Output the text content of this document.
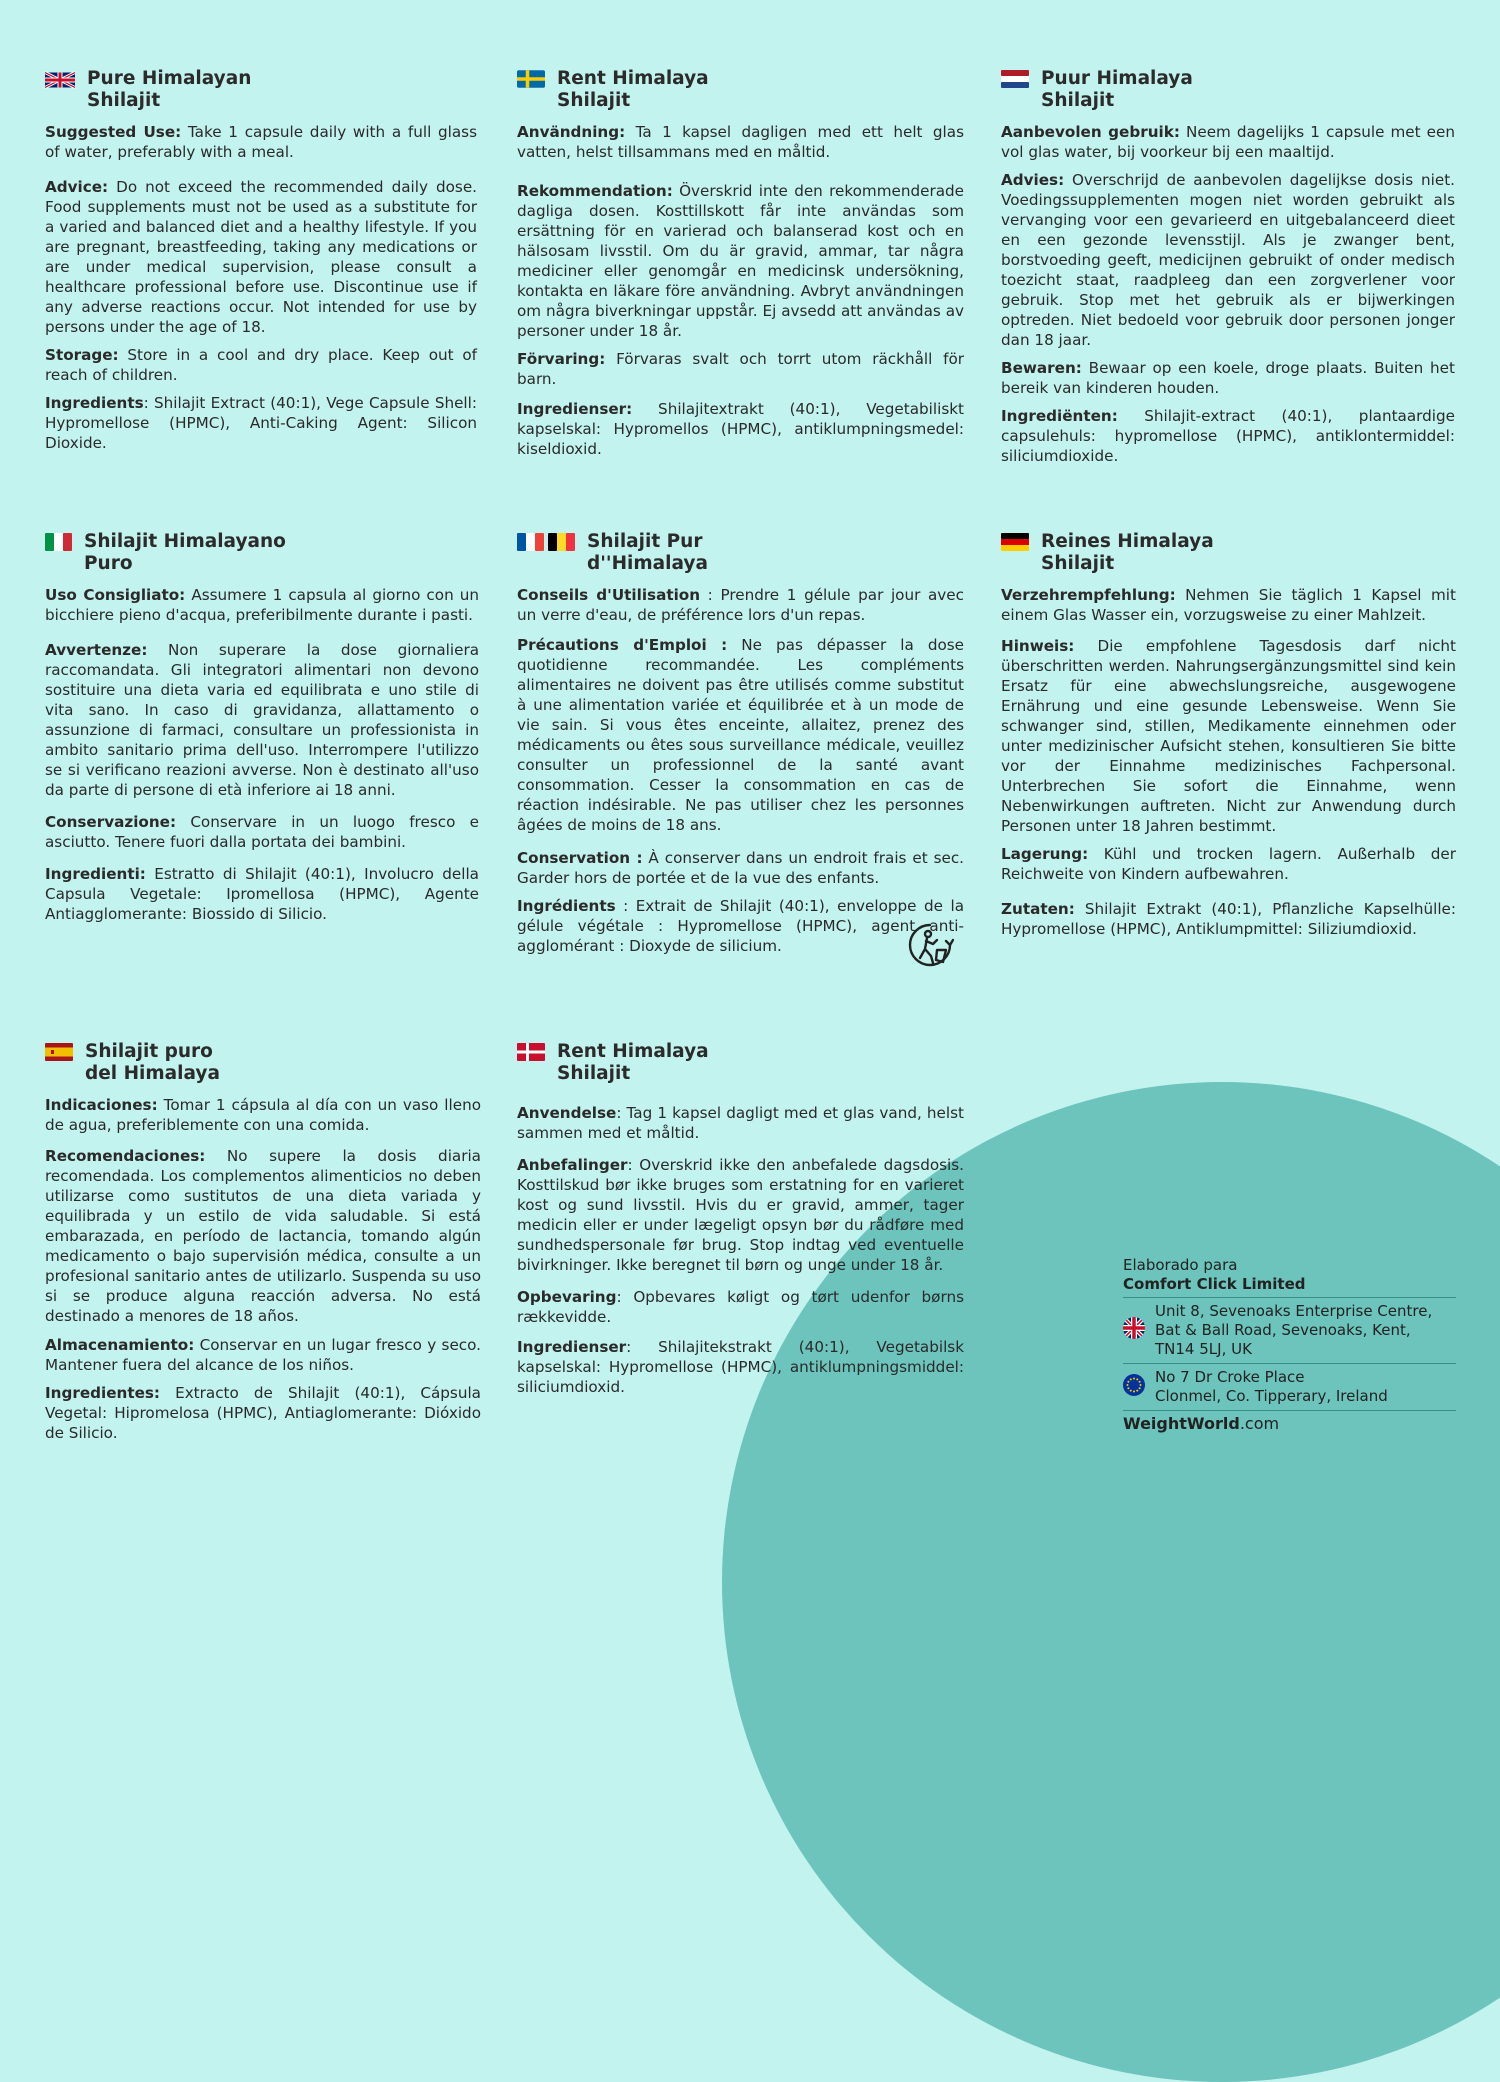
Pure Himalayan
Shilajit

Suggested Use: Take 1 capsule daily with a full glass of water, preferably with a meal.

Advice: Do not exceed the recommended daily dose. Food supplements must not be used as a substitute for a varied and balanced diet and a healthy lifestyle. If you are pregnant, breastfeeding, taking any medications or are under medical supervision, please consult a healthcare professional before use. Discontinue use if any adverse reactions occur. Not intended for use by persons under the age of 18.

Storage: Store in a cool and dry place. Keep out of reach of children.

Ingredients: Shilajit Extract (40:1), Vege Capsule Shell: Hypromellose (HPMC), Anti-Caking Agent: Silicon Dioxide.

Rent Himalaya
Shilajit

Användning: Ta 1 kapsel dagligen med ett helt glas vatten, helst tillsammans med en måltid.

Rekommendation: Överskrid inte den rekommenderade dagliga dosen. Kosttillskott får inte användas som ersättning för en varierad och balanserad kost och en hälsosam livsstil. Om du är gravid, ammar, tar några mediciner eller genomgår en medicinsk undersökning, kontakta en läkare före användning. Avbryt användningen om några biverkningar uppstår. Ej avsedd att användas av personer under 18 år.

Förvaring: Förvaras svalt och torrt utom räckhåll för barn.

Ingredienser: Shilajitextrakt (40:1), Vegetabiliskt kapselskal: Hypromellos (HPMC), antiklumpningsmedel: kiseldioxid.

Puur Himalaya
Shilajit

Aanbevolen gebruik: Neem dagelijks 1 capsule met een vol glas water, bij voorkeur bij een maaltijd.

Advies: Overschrijd de aanbevolen dagelijkse dosis niet. Voedingssupplementen mogen niet worden gebruikt als vervanging voor een gevarieerd en uitgebalanceerd dieet en een gezonde levensstijl. Als je zwanger bent, borstvoeding geeft, medicijnen gebruikt of onder medisch toezicht staat, raadpleeg dan een zorgverlener voor gebruik. Stop met het gebruik als er bijwerkingen optreden. Niet bedoeld voor gebruik door personen jonger dan 18 jaar.

Bewaren: Bewaar op een koele, droge plaats. Buiten het bereik van kinderen houden.

Ingrediënten: Shilajit-extract (40:1), plantaardige capsulehuls: hypromellose (HPMC), antiklontermiddel: siliciumdioxide.

Shilajit Himalayano
Puro

Uso Consigliato: Assumere 1 capsula al giorno con un bicchiere pieno d'acqua, preferibilmente durante i pasti.

Avvertenze: Non superare la dose giornaliera raccomandata. Gli integratori alimentari non devono sostituire una dieta varia ed equilibrata e uno stile di vita sano. In caso di gravidanza, allattamento o assunzione di farmaci, consultare un professionista in ambito sanitario prima dell'uso. Interrompere l'utilizzo se si verificano reazioni avverse. Non è destinato all'uso da parte di persone di età inferiore ai 18 anni.

Conservazione: Conservare in un luogo fresco e asciutto. Tenere fuori dalla portata dei bambini.

Ingredienti: Estratto di Shilajit (40:1), Involucro della Capsula Vegetale: Ipromellosa (HPMC), Agente Antiagglomerante: Biossido di Silicio.

Shilajit Pur
d''Himalaya

Conseils d'Utilisation : Prendre 1 gélule par jour avec un verre d'eau, de préférence lors d'un repas.

Précautions d'Emploi : Ne pas dépasser la dose quotidienne recommandée. Les compléments alimentaires ne doivent pas être utilisés comme substitut à une alimentation variée et équilibrée et à un mode de vie sain. Si vous êtes enceinte, allaitez, prenez des médicaments ou êtes sous surveillance médicale, veuillez consulter un professionnel de la santé avant consommation. Cesser la consommation en cas de réaction indésirable. Ne pas utiliser chez les personnes âgées de moins de 18 ans.

Conservation : À conserver dans un endroit frais et sec. Garder hors de portée et de la vue des enfants.

Ingrédients : Extrait de Shilajit (40:1), enveloppe de la gélule végétale : Hypromellose (HPMC), agent anti-agglomérant : Dioxyde de silicium.

Reines Himalaya
Shilajit

Verzehrempfehlung: Nehmen Sie täglich 1 Kapsel mit einem Glas Wasser ein, vorzugsweise zu einer Mahlzeit.

Hinweis: Die empfohlene Tagesdosis darf nicht überschritten werden. Nahrungsergänzungsmittel sind kein Ersatz für eine abwechslungsreiche, ausgewogene Ernährung und eine gesunde Lebensweise. Wenn Sie schwanger sind, stillen, Medikamente einnehmen oder unter medizinischer Aufsicht stehen, konsultieren Sie bitte vor der Einnahme medizinisches Fachpersonal. Unterbrechen Sie sofort die Einnahme, wenn Nebenwirkungen auftreten. Nicht zur Anwendung durch Personen unter 18 Jahren bestimmt.

Lagerung: Kühl und trocken lagern. Außerhalb der Reichweite von Kindern aufbewahren.

Zutaten: Shilajit Extrakt (40:1), Pflanzliche Kapselhülle: Hypromellose (HPMC), Antiklumpmittel: Siliziumdioxid.

Shilajit puro
del Himalaya

Indicaciones: Tomar 1 cápsula al día con un vaso lleno de agua, preferiblemente con una comida.

Recomendaciones: No supere la dosis diaria recomendada. Los complementos alimenticios no deben utilizarse como sustitutos de una dieta variada y equilibrada y un estilo de vida saludable. Si está embarazada, en período de lactancia, tomando algún medicamento o bajo supervisión médica, consulte a un profesional sanitario antes de utilizarlo. Suspenda su uso si se produce alguna reacción adversa. No está destinado a menores de 18 años.

Almacenamiento: Conservar en un lugar fresco y seco. Mantener fuera del alcance de los niños.

Ingredientes: Extracto de Shilajit (40:1), Cápsula Vegetal: Hipromelosa (HPMC), Antiaglomerante: Dióxido de Silicio.

Rent Himalaya
Shilajit

Anvendelse: Tag 1 kapsel dagligt med et glas vand, helst sammen med et måltid.

Anbefalinger: Overskrid ikke den anbefalede dagsdosis. Kosttilskud bør ikke bruges som erstatning for en varieret kost og sund livsstil. Hvis du er gravid, ammer, tager medicin eller er under lægeligt opsyn bør du rådføre med sundhedspersonale før brug. Stop indtag ved eventuelle bivirkninger. Ikke beregnet til børn og unge under 18 år.

Opbevaring: Opbevares køligt og tørt udenfor børns rækkevidde.

Ingredienser: Shilajitekstrakt (40:1), Vegetabilsk kapselskal: Hypromellose (HPMC), antiklumpningsmiddel: siliciumdioxid.

Elaborado para
Comfort Click Limited
Unit 8, Sevenoaks Enterprise Centre,
Bat & Ball Road, Sevenoaks, Kent,
TN14 5LJ, UK
No 7 Dr Croke Place
Clonmel, Co. Tipperary, Ireland
WeightWorld.com
